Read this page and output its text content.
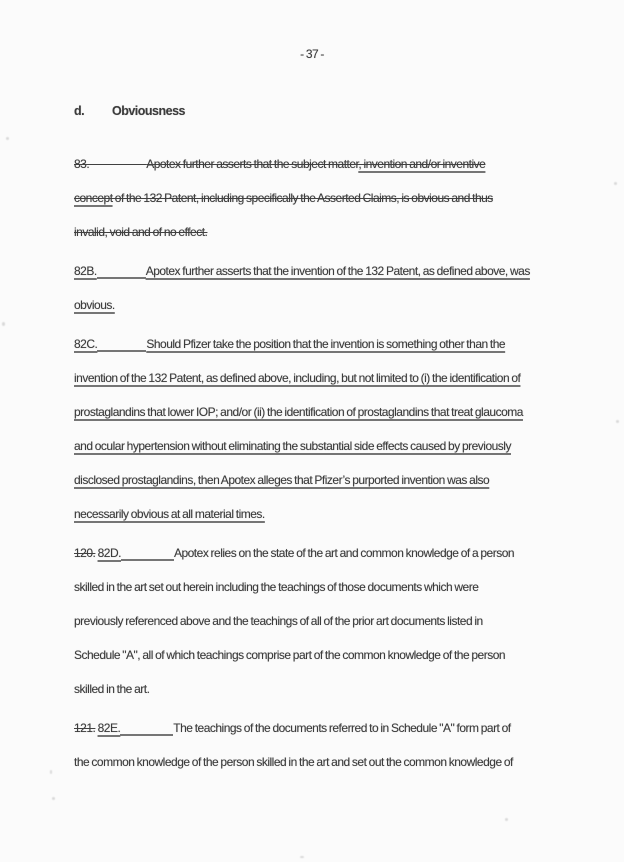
- 37 -
d. Obviousness
83.	Apotex further asserts that the subject matter, invention and/or inventive
concept of the 132 Patent, including specifically the Asserted Claims, is obvious and thus
invalid, void and of no effect.
82B.	Apotex further asserts that the invention of the 132 Patent, as defined above, was
obvious.
82C.	Should Pfizer take the position that the invention is something other than the
invention of the 132 Patent, as defined above, including, but not limited to (i) the identification of
prostaglandins that lower IOP; and/or (ii) the identification of prostaglandins that treat glaucoma
and ocular hypertension without eliminating the substantial side effects caused by previously
disclosed prostaglandins, then Apotex alleges that Pfizer’s purported invention was also
necessarily obvious at all material times.
120. 82D.	Apotex relies on the state of the art and common knowledge of a person
skilled in the art set out herein including the teachings of those documents which were
previously referenced above and the teachings of all of the prior art documents listed in
Schedule "A", all of which teachings comprise part of the common knowledge of the person
skilled in the art.
121. 82E.	The teachings of the documents referred to in Schedule "A" form part of
the common knowledge of the person skilled in the art and set out the common knowledge of
